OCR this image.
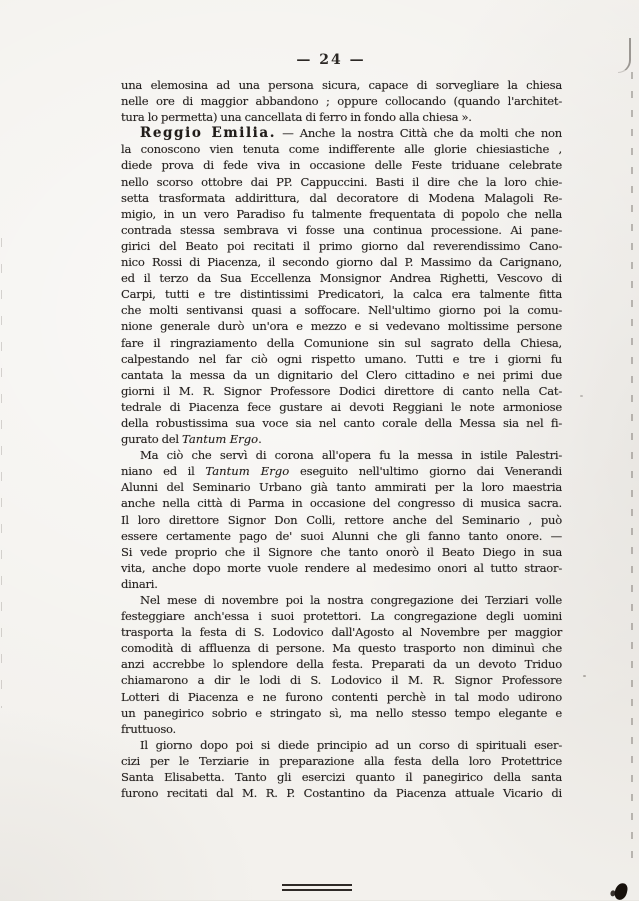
— 24 —
una elemosina ad una persona sicura, capace di sorvegliare la chiesa
nelle ore di maggior abbandono ; oppure collocando (quando l'architet-
tura lo permetta) una cancellata di ferro in fondo alla chiesa ».
Reggio Emilia. — Anche la nostra Città che da molti che non
la conoscono vien tenuta come indifferente alle glorie chiesiastiche ,
diede prova di fede viva in occasione delle Feste triduane celebrate
nello scorso ottobre dai PP. Cappuccini. Basti il dire che la loro chie-
setta trasformata addirittura, dal decoratore di Modena Malagoli Re-
migio, in un vero Paradiso fu talmente frequentata di popolo che nella
contrada stessa sembrava vi fosse una continua processione. Ai pane-
girici del Beato poi recitati il primo giorno dal reverendissimo Cano-
nico Rossi di Piacenza, il secondo giorno dal P. Massimo da Carignano,
ed il terzo da Sua Eccellenza Monsignor Andrea Righetti, Vescovo di
Carpi, tutti e tre distintissimi Predicatori, la calca era talmente fitta
che molti sentivansi quasi a soffocare. Nell'ultimo giorno poi la comu-
nione generale durò un'ora e mezzo e si vedevano moltissime persone
fare il ringraziamento della Comunione sin sul sagrato della Chiesa,
calpestando nel far ciò ogni rispetto umano. Tutti e tre i giorni fu
cantata la messa da un dignitario del Clero cittadino e nei primi due
giorni il M. R. Signor Professore Dodici direttore di canto nella Cat-
tedrale di Piacenza fece gustare ai devoti Reggiani le note armoniose
della robustissima sua voce sia nel canto corale della Messa sia nel fi-
gurato del Tantum Ergo.
Ma ciò che servì di corona all'opera fu la messa in istile Palestri-
niano ed il Tantum Ergo eseguito nell'ultimo giorno dai Venerandi
Alunni del Seminario Urbano già tanto ammirati per la loro maestria
anche nella città di Parma in occasione del congresso di musica sacra.
Il loro direttore Signor Don Colli, rettore anche del Seminario , può
essere certamente pago de' suoi Alunni che gli fanno tanto onore. —
Si vede proprio che il Signore che tanto onorò il Beato Diego in sua
vita, anche dopo morte vuole rendere al medesimo onori al tutto straor-
dinari.
Nel mese di novembre poi la nostra congregazione dei Terziari volle
festeggiare anch'essa i suoi protettori. La congregazione degli uomini
trasporta la festa di S. Lodovico dall'Agosto al Novembre per maggior
comodità di affluenza di persone. Ma questo trasporto non diminuì che
anzi accrebbe lo splendore della festa. Preparati da un devoto Triduo
chiamarono a dir le lodi di S. Lodovico il M. R. Signor Professore
Lotteri di Piacenza e ne furono contenti perchè in tal modo udirono
un panegirico sobrio e stringato sì, ma nello stesso tempo elegante e
fruttuoso.
Il giorno dopo poi si diede principio ad un corso di spirituali eser-
cizi per le Terziarie in preparazione alla festa della loro Protettrice
Santa Elisabetta. Tanto gli esercizi quanto il panegirico della santa
furono recitati dal M. R. P. Costantino da Piacenza attuale Vicario di
